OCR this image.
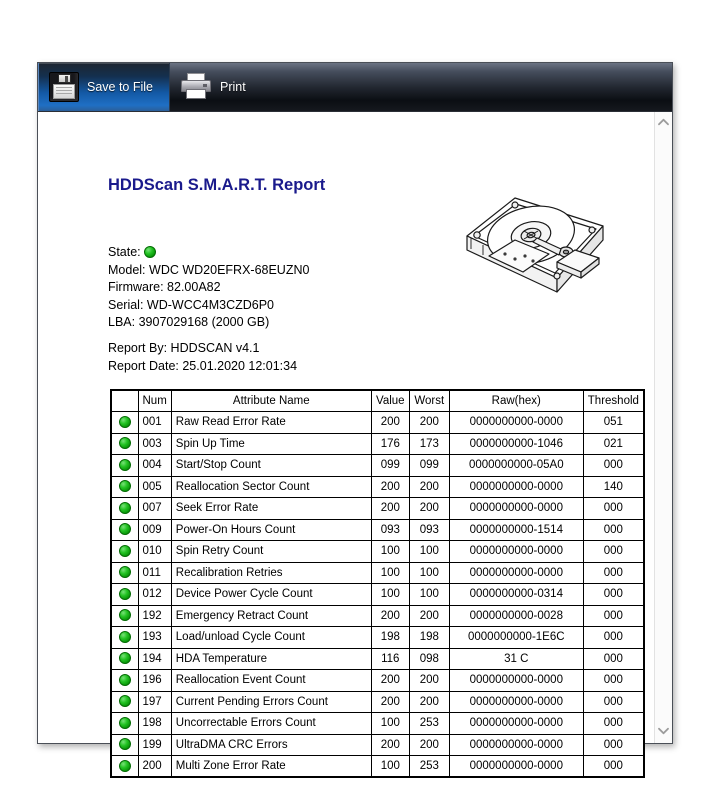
Save to File	Print
HDDScan S.M.A.R.T. Report
State:
Model: WDC WD20EFRX-68EUZN0
Firmware: 82.00A82
Serial: WD-WCC4M3CZD6P0
LBA: 3907029168 (2000 GB)
Report By: HDDSCAN v4.1
Report Date: 25.01.2020 12:01:34
	Num	Attribute Name	Value	Worst	Raw(hex)	Threshold
	001	Raw Read Error Rate	200	200	0000000000-0000	051
	003	Spin Up Time	176	173	0000000000-1046	021
	004	Start/Stop Count	099	099	0000000000-05A0	000
	005	Reallocation Sector Count	200	200	0000000000-0000	140
	007	Seek Error Rate	200	200	0000000000-0000	000
	009	Power-On Hours Count	093	093	0000000000-1514	000
	010	Spin Retry Count	100	100	0000000000-0000	000
	011	Recalibration Retries	100	100	0000000000-0000	000
	012	Device Power Cycle Count	100	100	0000000000-0314	000
	192	Emergency Retract Count	200	200	0000000000-0028	000
	193	Load/unload Cycle Count	198	198	0000000000-1E6C	000
	194	HDA Temperature	116	098	31 C	000
	196	Reallocation Event Count	200	200	0000000000-0000	000
	197	Current Pending Errors Count	200	200	0000000000-0000	000
	198	Uncorrectable Errors Count	100	253	0000000000-0000	000
	199	UltraDMA CRC Errors	200	200	0000000000-0000	000
	200	Multi Zone Error Rate	100	253	0000000000-0000	000
